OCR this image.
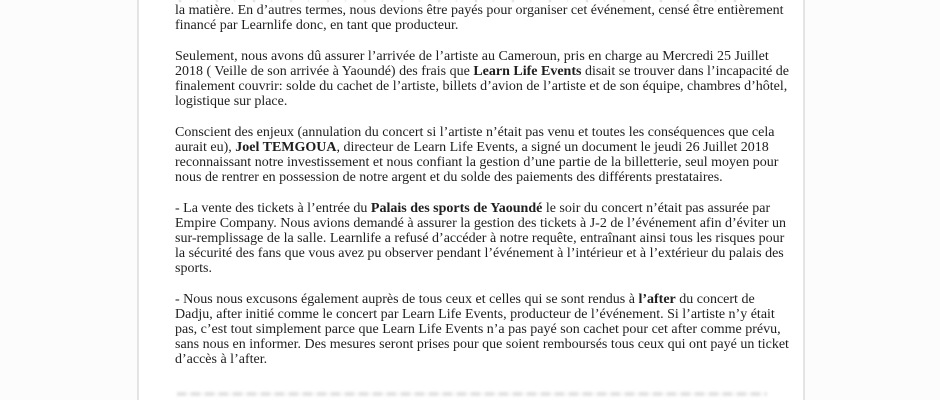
la matière. En d’autres termes, nous devions être payés pour organiser cet événement, censé être entièrement financé par Learnlife donc, en tant que producteur.

Seulement, nous avons dû assurer l’arrivée de l’artiste au Cameroun, pris en charge au Mercredi 25 Juillet 2018 ( Veille de son arrivée à Yaoundé) des frais que Learn Life Events disait se trouver dans l’incapacité de finalement couvrir: solde du cachet de l’artiste, billets d’avion de l’artiste et de son équipe, chambres d’hôtel, logistique sur place.

Conscient des enjeux (annulation du concert si l’artiste n’était pas venu et toutes les conséquences que cela aurait eu), Joel TEMGOUA, directeur de Learn Life Events, a signé un document le jeudi 26 Juillet 2018 reconnaissant notre investissement et nous confiant la gestion d’une partie de la billetterie, seul moyen pour nous de rentrer en possession de notre argent et du solde des paiements des différents prestataires.

- La vente des tickets à l’entrée du Palais des sports de Yaoundé le soir du concert n’était pas assurée par Empire Company. Nous avions demandé à assurer la gestion des tickets à J-2 de l’événement afin d’éviter un sur-remplissage de la salle. Learnlife a refusé d’accéder à notre requête, entraînant ainsi tous les risques pour la sécurité des fans que vous avez pu observer pendant l’événement à l’intérieur et à l’extérieur du palais des sports.

- Nous nous excusons également auprès de tous ceux et celles qui se sont rendus à l’after du concert de Dadju, after initié comme le concert par Learn Life Events, producteur de l’événement. Si l’artiste n’y était pas, c’est tout simplement parce que Learn Life Events n’a pas payé son cachet pour cet after comme prévu, sans nous en informer. Des mesures seront prises pour que soient remboursés tous ceux qui ont payé un ticket d’accès à l’after.
